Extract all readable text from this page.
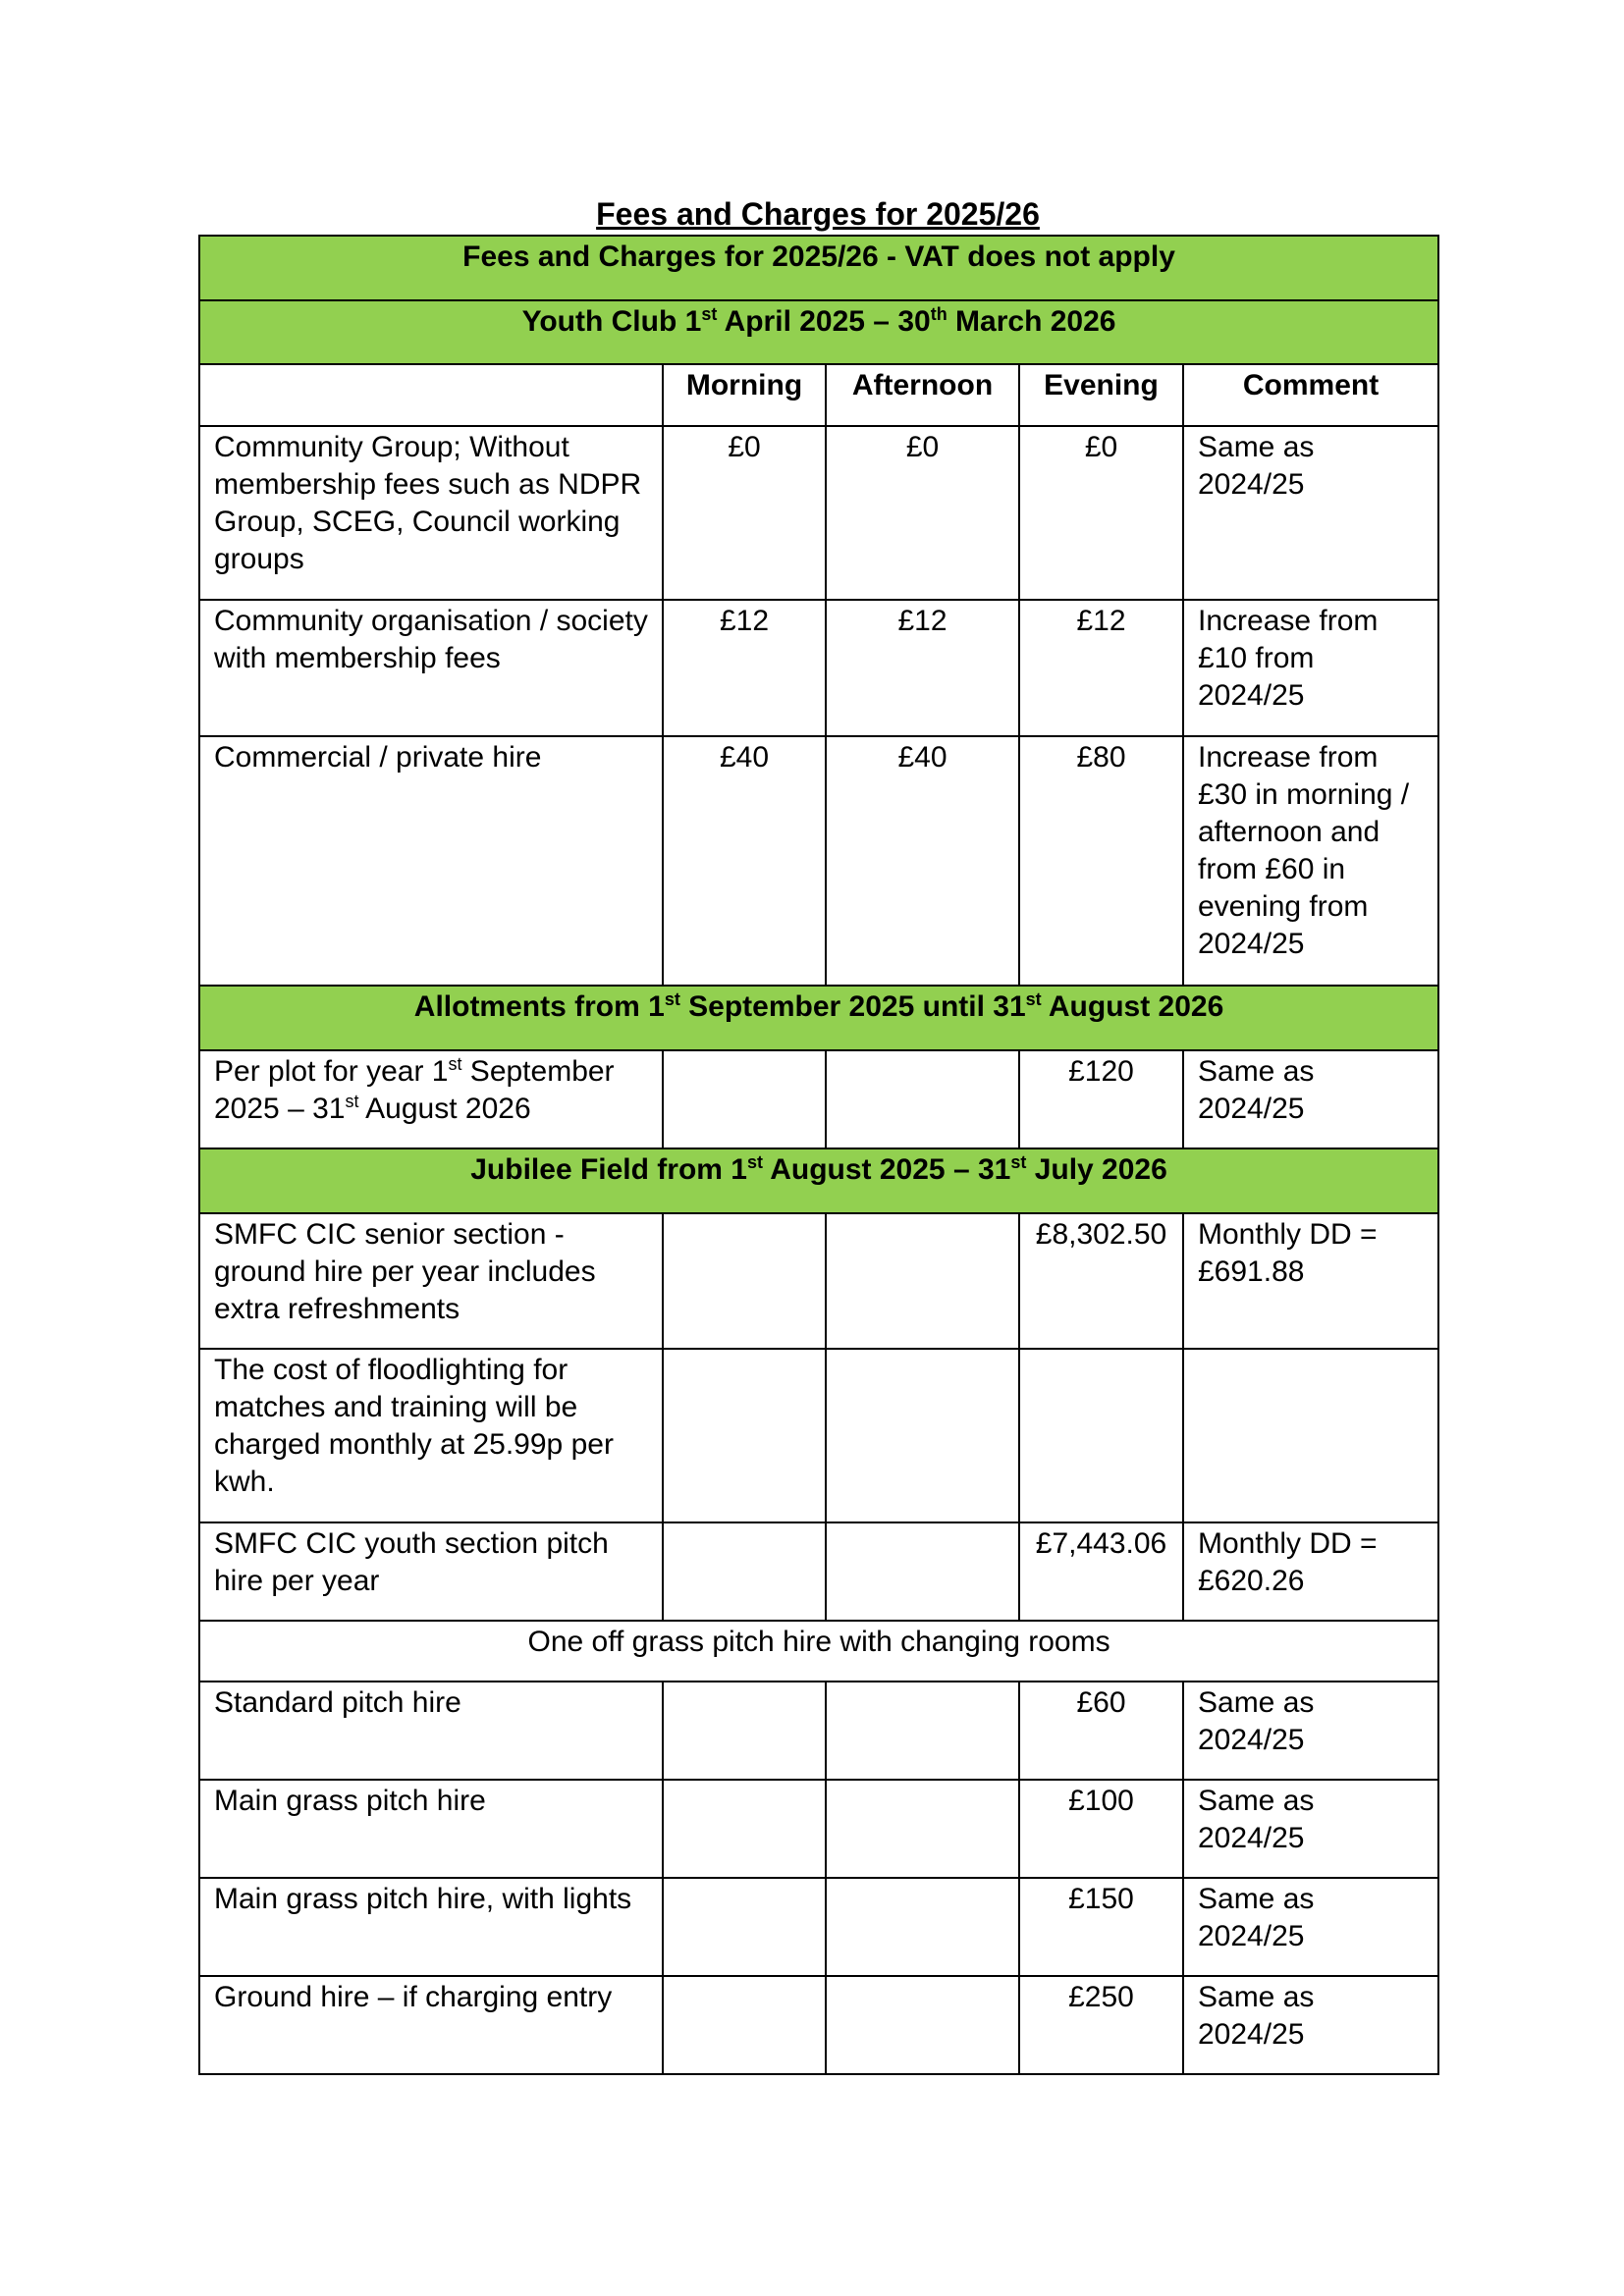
Fees and Charges for 2025/26
Fees and Charges for 2025/26 - VAT does not apply				
Youth Club 1st April 2025 – 30th March 2026				
	Morning	Afternoon	Evening	Comment
Community Group; Without membership fees such as NDPR Group, SCEG, Council working groups	£0	£0	£0	Same as 2024/25
Community organisation / society with membership fees	£12	£12	£12	Increase from £10 from 2024/25
Commercial / private hire	£40	£40	£80	Increase from £30 in morning / afternoon and from £60 in evening from 2024/25
Allotments from 1st September 2025 until 31st August 2026				
Per plot for year 1st September 2025 – 31st August 2026			£120	Same as 2024/25
Jubilee Field from 1st August 2025 – 31st July 2026				
SMFC CIC senior section - ground hire per year includes extra refreshments			£8,302.50	Monthly DD = £691.88
The cost of floodlighting for matches and training will be charged monthly at 25.99p per kwh.				
SMFC CIC youth section pitch hire per year			£7,443.06	Monthly DD = £620.26
One off grass pitch hire with changing rooms				
Standard pitch hire			£60	Same as 2024/25
Main grass pitch hire			£100	Same as 2024/25
Main grass pitch hire, with lights			£150	Same as 2024/25
Ground hire – if charging entry			£250	Same as 2024/25
